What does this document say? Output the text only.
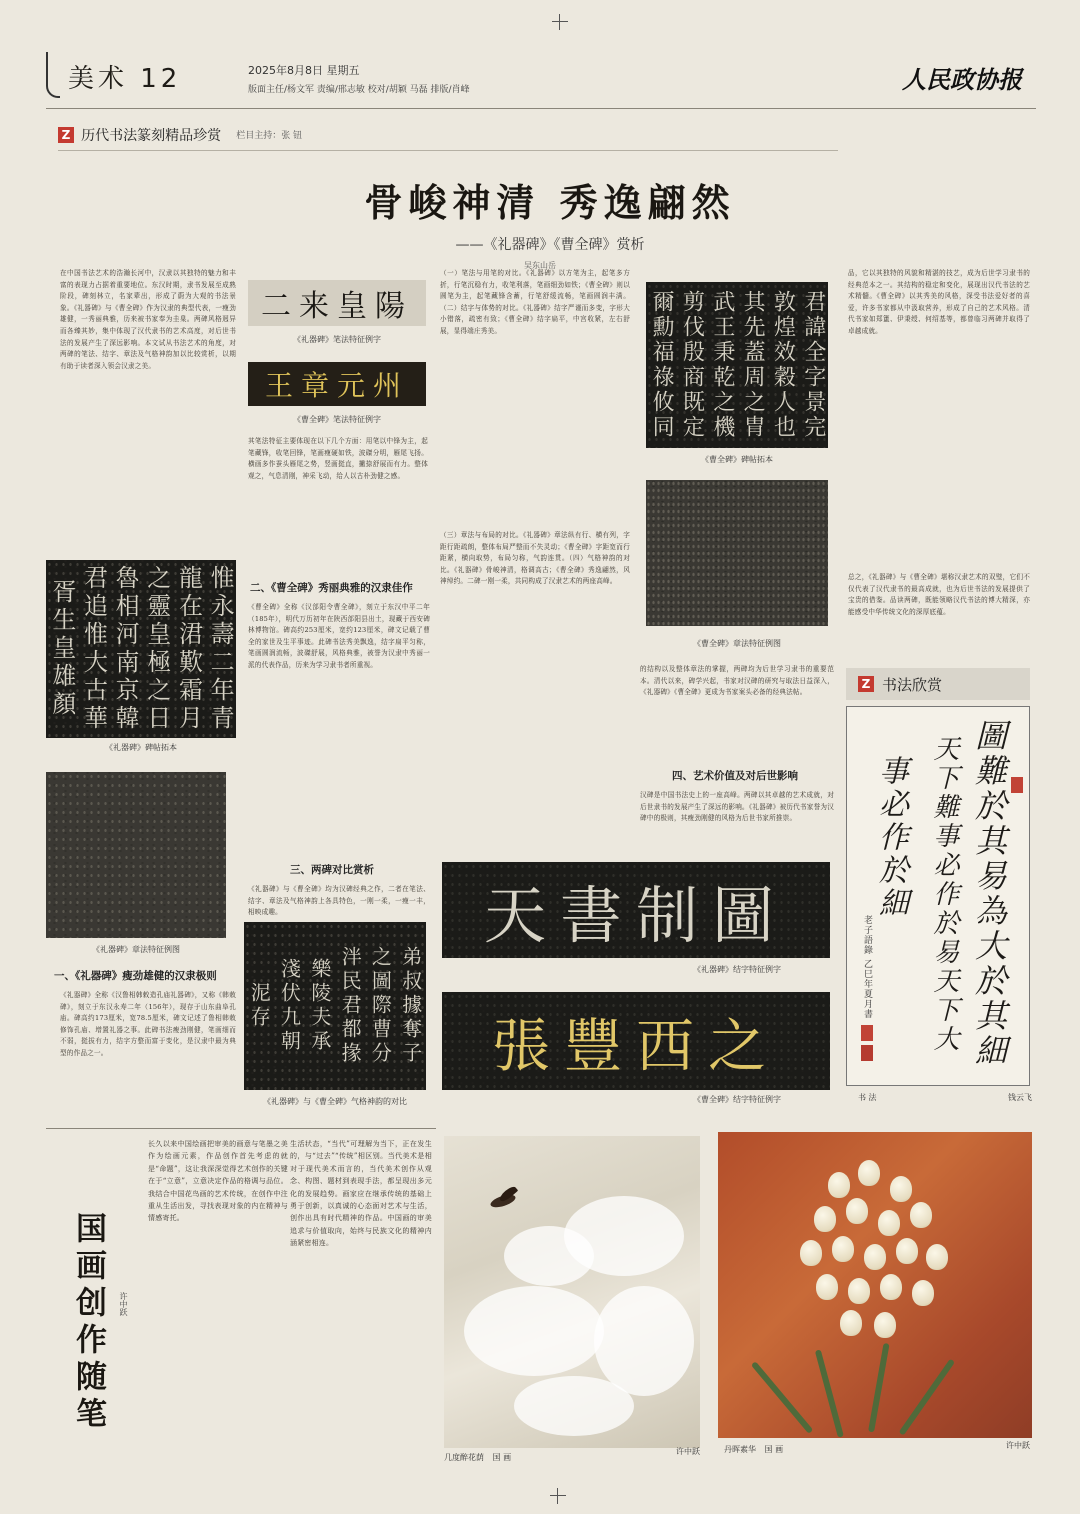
美术 12	2025年8月8日 星期五
版面主任/杨文军 责编/邢志敏 校对/胡颖 马磊 排版/肖峰	人民政协报
Z 历代书法篆刻精品珍赏 栏目主持：张 钮
骨峻神清 秀逸翩然
——《礼器碑》《曹全碑》赏析
吴东山岳
在中国书法艺术的浩瀚长河中，汉隶以其独特的魅力和丰富的表现力占据着重要地位。东汉时期，隶书发展至成熟阶段，碑刻林立，名家辈出，形成了蔚为大观的书法景象。《礼器碑》与《曹全碑》作为汉隶的典型代表，一瘦劲雄健，一秀丽典雅，历来被书家奉为圭臬。两碑风格迥异而各臻其妙，集中体现了汉代隶书的艺术高度，对后世书法的发展产生了深远影响。本文试从书法艺术的角度，对两碑的笔法、结字、章法及气格神韵加以比较赏析，以期有助于读者深入领会汉隶之美。
胥生皇雄顏 君追惟大古華 魯相河南京韓 之靈皇極之日 龍在涒歎霜月 惟永壽二年青
《礼器碑》碑帖拓本
《礼器碑》章法特征例图
一、《礼器碑》瘦劲雄健的汉隶极则
《礼器碑》全称《汉鲁相韩敕造孔庙礼器碑》，又称《韩敕碑》，刻立于东汉永寿二年（156年），现存于山东曲阜孔庙。碑高约173厘米，宽78.5厘米，碑文记述了鲁相韩敕修饰孔庙、增置礼器之事。此碑书法瘦劲刚健，笔画细而不弱，挺拔有力，结字方整而富于变化，是汉隶中最为典型的作品之一。
二来皇陽
《礼器碑》笔法特征例字
王章元州
《曹全碑》笔法特征例字
其笔法特征主要体现在以下几个方面：用笔以中锋为主，起笔藏锋，收笔回锋，笔画瘦硬如铁，波磔分明，雁尾飞扬。横画多作蚕头雁尾之势，竖画挺直，撇捺舒展而有力。整体观之，气息清刚，神采飞动，给人以古朴劲健之感。
二、《曹全碑》秀丽典雅的汉隶佳作
《曹全碑》全称《汉郃阳令曹全碑》，刻立于东汉中平二年（185年），明代万历初年在陕西郃阳县出土，现藏于西安碑林博物馆。碑高约253厘米，宽约123厘米，碑文记载了曹全的家世及生平事迹。此碑书法秀美飘逸，结字扁平匀称，笔画圆润流畅，波磔舒展，风格典雅，被誉为汉隶中秀丽一派的代表作品，历来为学习隶书者所重视。
三、两碑对比赏析
《礼器碑》与《曹全碑》均为汉碑经典之作，二者在笔法、结字、章法及气格神韵上各具特色，一刚一柔，一瘦一丰，相映成趣。
泥存 淺伏九朝 樂陵夫承 泮民君都掾 之圖際曹分 弟叔據奪子
《礼器碑》与《曹全碑》气格神韵的对比
（一）笔法与用笔的对比。《礼器碑》以方笔为主，起笔多方折，行笔沉稳有力，收笔利落，笔画细劲如铁；《曹全碑》则以圆笔为主，起笔藏锋含蓄，行笔舒缓流畅，笔画圆润丰满。（二）结字与体势的对比。《礼器碑》结字严谨而多变，字形大小错落，疏密有致；《曹全碑》结字扁平，中宫收紧，左右舒展，显得端庄秀美。
（三）章法与布局的对比。《礼器碑》章法纵有行、横有列，字距行距疏朗，整体布局严整而不失灵动；《曹全碑》字距宽而行距紧，横向取势，布局匀称，气韵连贯。（四）气格神韵的对比。《礼器碑》骨峻神清，格调高古；《曹全碑》秀逸翩然，风神绰约。二碑一刚一柔，共同构成了汉隶艺术的两座高峰。
爾勳福祿攸同 剪伐殷商既定 武王秉乾之機 其先蓋周之胄 敦煌效穀人也 君諱全字景完
《曹全碑》碑帖拓本
《曹全碑》章法特征例图
的结构以及整体章法的掌握，两碑均为后世学习隶书的重要范本。清代以来，碑学兴起，书家对汉碑的研究与取法日益深入，《礼器碑》《曹全碑》更成为书家案头必备的经典法帖。
四、艺术价值及对后世影响
汉碑是中国书法史上的一座高峰。两碑以其卓越的艺术成就，对后世隶书的发展产生了深远的影响。《礼器碑》被历代书家誉为汉碑中的极则，其瘦劲刚健的风格为后世书家所推崇。
天書制圖
《礼器碑》结字特征例字
張豐西之
《曹全碑》结字特征例字
品，它以其独特的风貌和精湛的技艺，成为后世学习隶书的经典范本之一。其结构的稳定和变化，展现出汉代书法的艺术精髓。《曹全碑》以其秀美的风格，深受书法爱好者的喜爱，许多书家都从中汲取营养，形成了自己的艺术风格。清代书家如郑簠、伊秉绶、何绍基等，都曾临习两碑并取得了卓越成就。
总之，《礼器碑》与《曹全碑》堪称汉隶艺术的双璧，它们不仅代表了汉代隶书的最高成就，也为后世书法的发展提供了宝贵的借鉴。品读两碑，既能领略汉代书法的博大精深，亦能感受中华传统文化的深厚底蕴。
Z 书法欣赏
圖難於其易為大於其細
天下難事必作於易天下大
事必作於細
老子語錄 乙巳年夏月書
书 法	钱云飞
国画创作随笔	许中跃
长久以来中国绘画把审美的画意与笔墨之美作为绘画元素，作品创作首先考虑的就是“命题”，这让我深深觉得艺术创作的关键在于“立意”，立意决定作品的格调与品位。我结合中国花鸟画的艺术传统，在创作中注重从生活出发，寻找表现对象的内在精神与情感寄托。
生活状态，“当代”可理解为当下，正在发生的，与“过去”“传统”相区别。当代美术是相对于现代美术而言的，当代美术创作从观念、构图、题材到表现手法，都呈现出多元化的发展趋势。画家应在继承传统的基础上勇于创新，以真诚的心态面对艺术与生活，创作出具有时代精神的作品。中国画的审美追求与价值取向，始终与民族文化的精神内涵紧密相连。
几度醉花荫 国 画
许中跃	丹晖素华 国 画	许中跃
